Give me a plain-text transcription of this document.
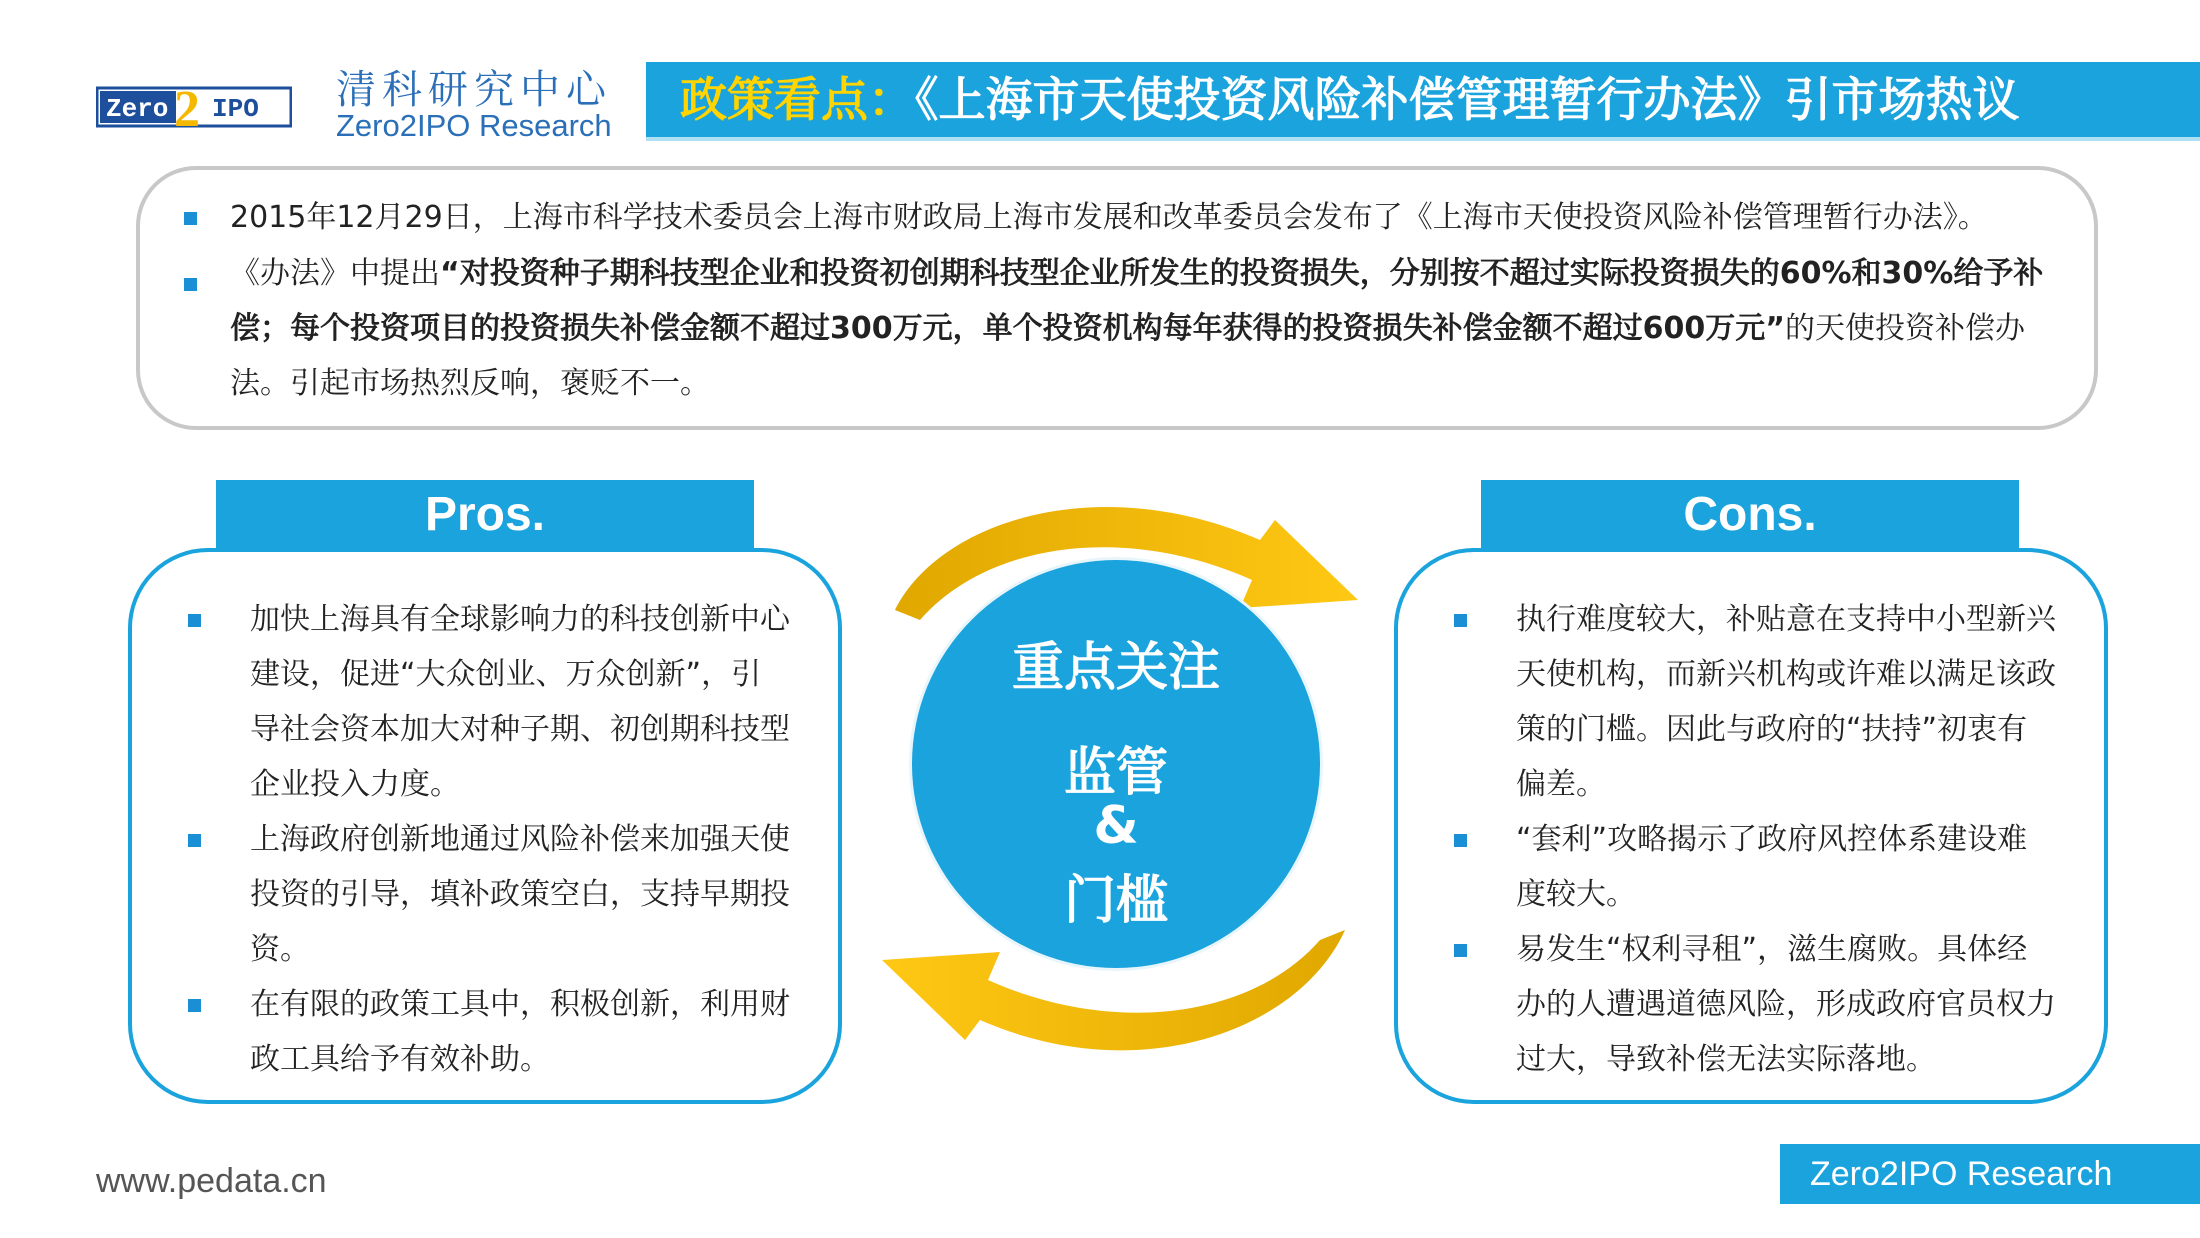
Zero 2 IPO 清科研究中心
Zero2IPO Research 政策看点：《上海市天使投资风险补偿管理暂行办法》引市场热议
2015年12月29日，上海市科学技术委员会上海市财政局上海市发展和改革委员会发布了《上海市天使投资风险补偿管理暂行办法》。
《办法》中提出“对投资种子期科技型企业和投资初创期科技型企业所发生的投资损失，分别按不超过实际投资损失的60%和30%给予补偿；每个投资项目的投资损失补偿金额不超过300万元，单个投资机构每年获得的投资损失补偿金额不超过600万元”的天使投资补偿办法。引起市场热烈反响，褒贬不一。
Pros.
加快上海具有全球影响力的科技创新中心建设，促进“大众创业、万众创新”，引导社会资本加大对种子期、初创期科技型企业投入力度。
上海政府创新地通过风险补偿来加强天使投资的引导，填补政策空白，支持早期投资。
在有限的政策工具中，积极创新，利用财政工具给予有效补助。
Cons.
执行难度较大，补贴意在支持中小型新兴天使机构，而新兴机构或许难以满足该政策的门槛。因此与政府的“扶持”初衷有偏差。
“套利”攻略揭示了政府风控体系建设难度较大。
易发生“权利寻租”，滋生腐败。具体经办的人遭遇道德风险，形成政府官员权力过大，导致补偿无法实际落地。
重点关注
监管
&
门槛
www.pedata.cn	Zero2IPO Research
